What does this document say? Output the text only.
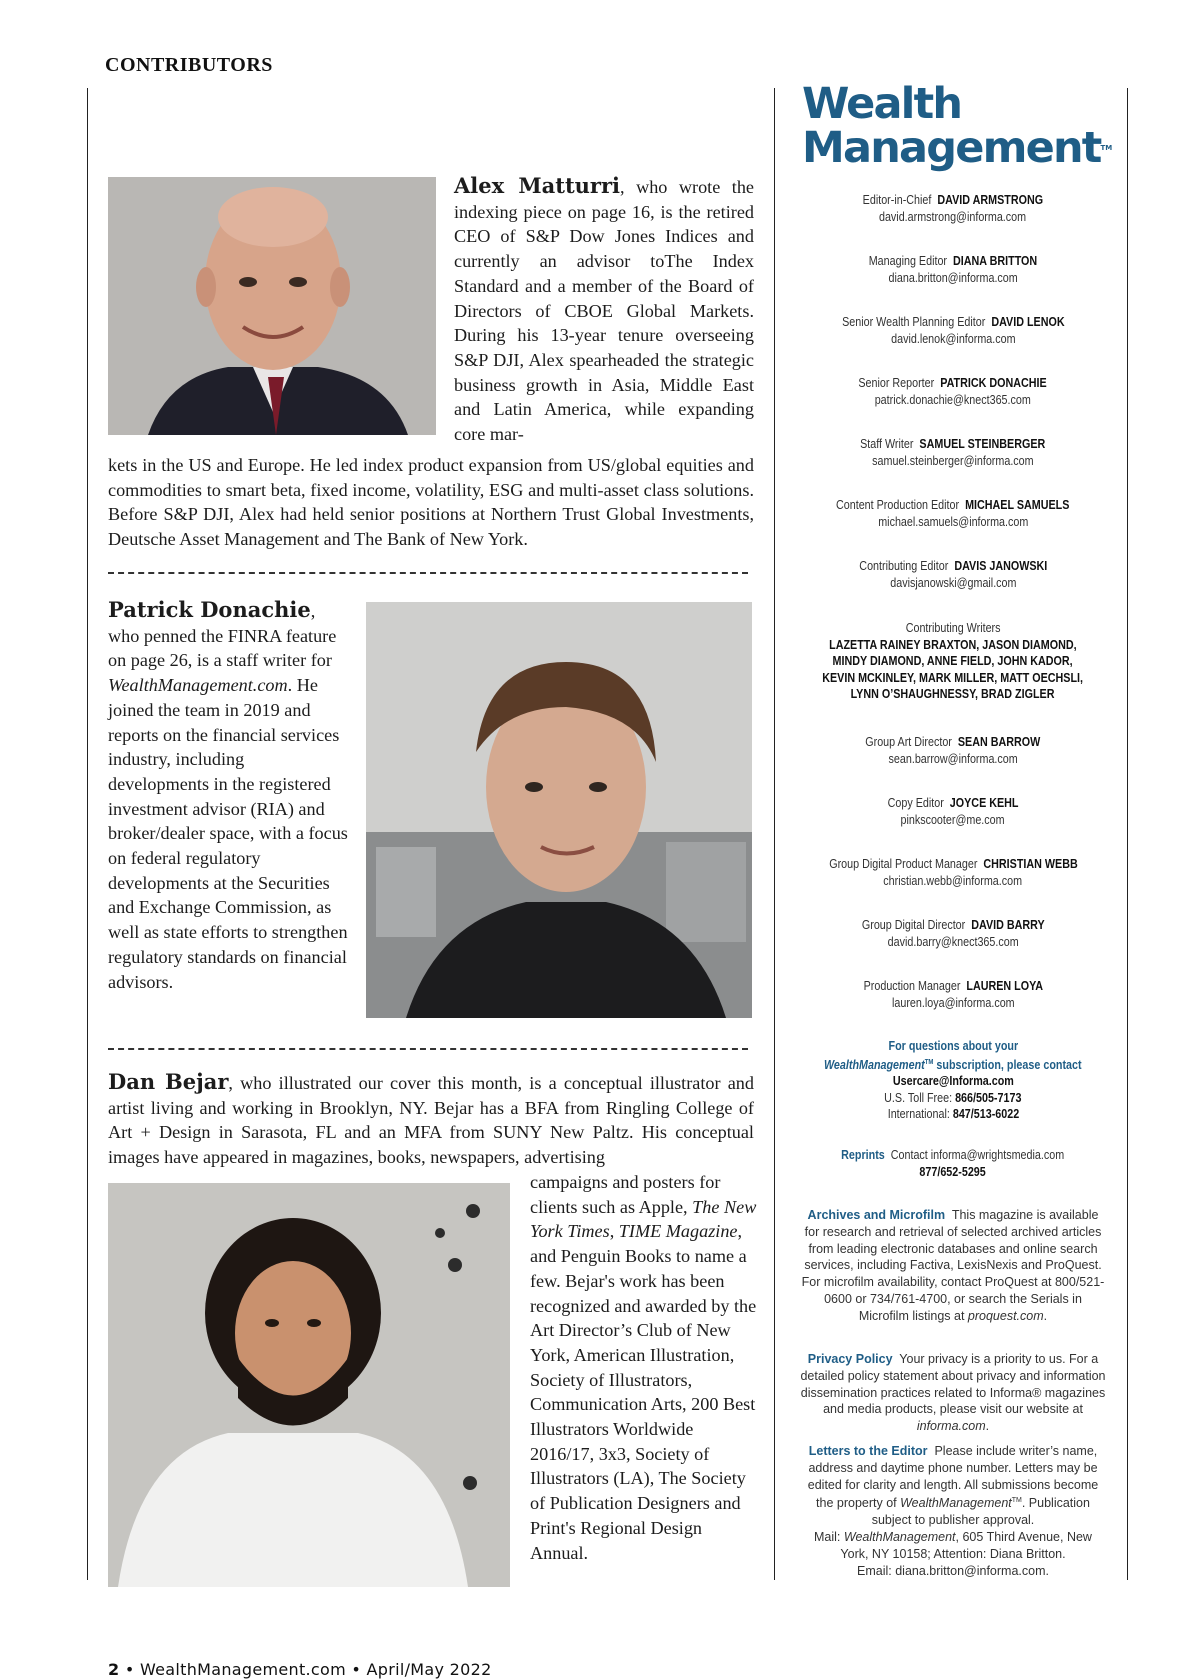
CONTRIBUTORS

Alex Matturri, who wrote the indexing piece on page 16, is the retired CEO of S&P Dow Jones Indices and currently an advisor toThe Index Standard and a member of the Board of Directors of CBOE Global Markets. During his 13-year tenure overseeing S&P DJI, Alex spearheaded the strategic business growth in Asia, Middle East and Latin America, while expanding core mar-

kets in the US and Europe. He led index product expansion from US/global equities and commodities to smart beta, fixed income, volatility, ESG and multi-asset class solutions. Before S&P DJI, Alex had held senior positions at Northern Trust Global Investments, Deutsche Asset Management and The Bank of New York.

Patrick Donachie, who penned the FINRA feature on page 26, is a staff writer for WealthManagement.com. He joined the team in 2019 and reports on the financial services industry, including developments in the registered investment advisor (RIA) and broker/dealer space, with a focus on federal regulatory developments at the Securities and Exchange Commission, as well as state efforts to strengthen regulatory standards on financial advisors.

Dan Bejar, who illustrated our cover this month, is a conceptual illustrator and artist living and working in Brooklyn, NY. Bejar has a BFA from Ringling College of Art + Design in Sarasota, FL and an MFA from SUNY New Paltz. His conceptual images have appeared in magazines, books, newspapers, advertising

campaigns and posters for clients such as Apple, The New York Times, TIME Magazine, and Penguin Books to name a few. Bejar's work has been recognized and awarded by the Art Director’s Club of New York, American Illustration, Society of Illustrators, Communication Arts, 200 Best Illustrators Worldwide 2016/17, 3x3, Society of Illustrators (LA), The Society of Publication Designers and Print's Regional Design Annual.

Wealth
ManagementTM
Editor-in-Chief DAVID ARMSTRONG
david.armstrong@informa.com
Managing Editor DIANA BRITTON
diana.britton@informa.com
Senior Wealth Planning Editor DAVID LENOK
david.lenok@informa.com
Senior Reporter PATRICK DONACHIE
patrick.donachie@knect365.com
Staff Writer SAMUEL STEINBERGER
samuel.steinberger@informa.com
Content Production Editor MICHAEL SAMUELS
michael.samuels@informa.com
Contributing Editor DAVIS JANOWSKI
davisjanowski@gmail.com
Contributing Writers
LAZETTA RAINEY BRAXTON, JASON DIAMOND,
MINDY DIAMOND, ANNE FIELD, JOHN KADOR,
KEVIN MCKINLEY, MARK MILLER, MATT OECHSLI,
LYNN O’SHAUGHNESSY, BRAD ZIGLER
Group Art Director SEAN BARROW
sean.barrow@informa.com
Copy Editor JOYCE KEHL
pinkscooter@me.com
Group Digital Product Manager CHRISTIAN WEBB
christian.webb@informa.com
Group Digital Director DAVID BARRY
david.barry@knect365.com
Production Manager LAUREN LOYA
lauren.loya@informa.com
For questions about your
WealthManagement™ subscription, please contact
Usercare@Informa.com
U.S. Toll Free: 866/505-7173
International: 847/513-6022
Reprints Contact informa@wrightsmedia.com
877/652-5295
Archives and Microfilm This magazine is available for research and retrieval of selected archived articles from leading electronic databases and online search services, including Factiva, LexisNexis and ProQuest. For microfilm availability, contact ProQuest at 800/521-0600 or 734/761-4700, or search the Serials in Microfilm listings at proquest.com.
Privacy Policy Your privacy is a priority to us. For a detailed policy statement about privacy and information dissemination practices related to Informa® magazines and media products, please visit our website at informa.com.
Letters to the Editor Please include writer’s name, address and daytime phone number. Letters may be edited for clarity and length. All submissions become the property of WealthManagement™. Publication subject to publisher approval.
Mail: WealthManagement, 605 Third Avenue, New York, NY 10158; Attention: Diana Britton.
Email: diana.britton@informa.com.
2 • WealthManagement.com • April/May 2022
